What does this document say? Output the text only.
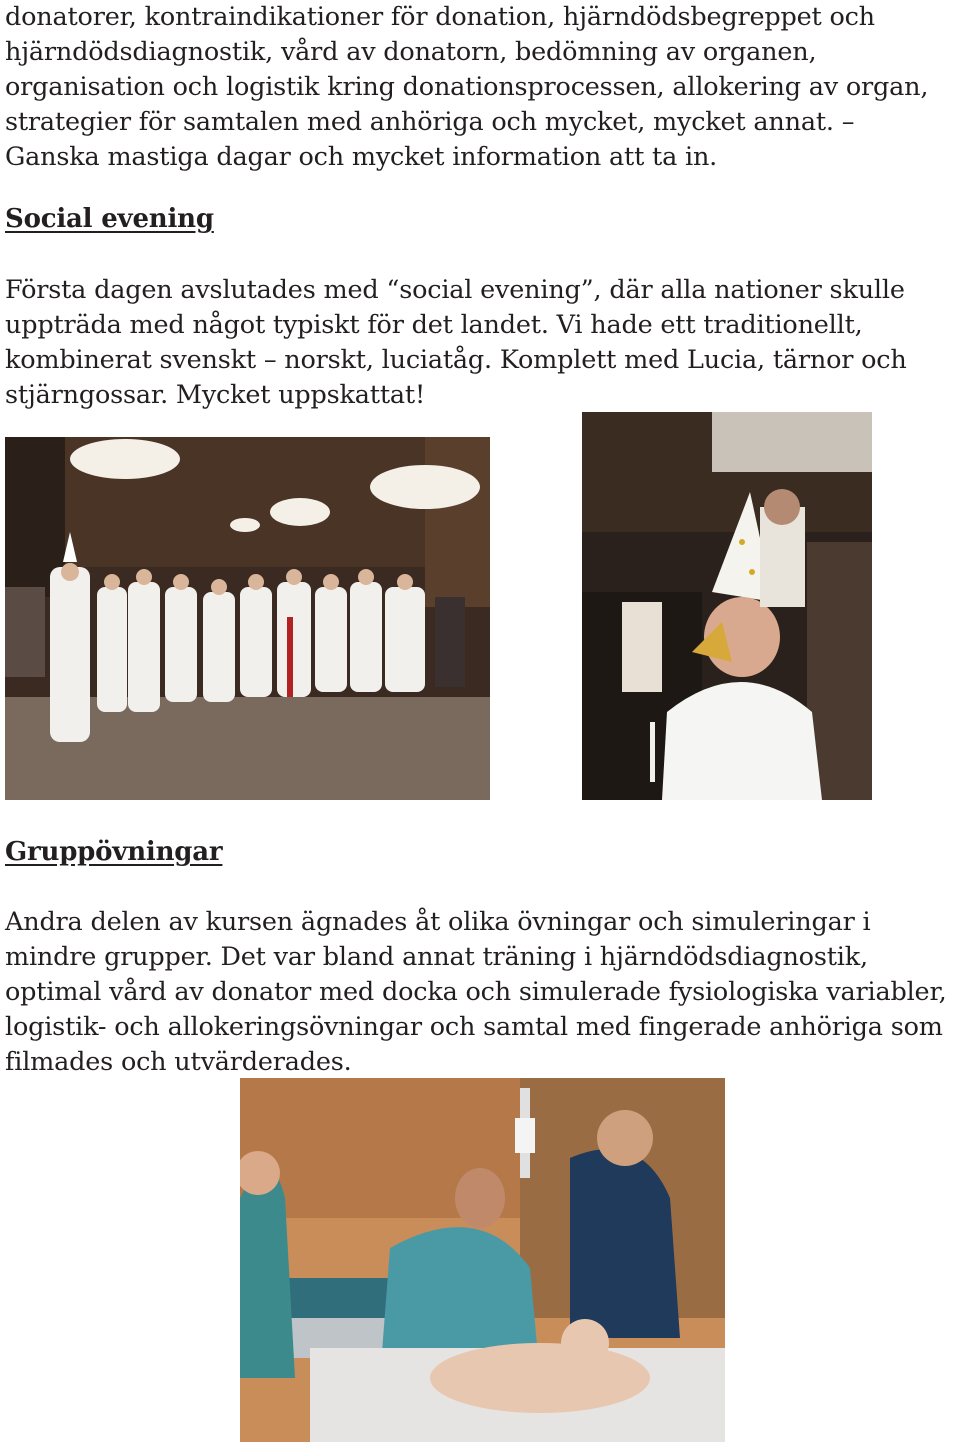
donatorer, kontraindikationer för donation, hjärndödsbegreppet och hjärndödsdiagnostik, vård av donatorn, bedömning av organen, organisation och logistik kring donationsprocessen, allokering av organ, strategier för samtalen med anhöriga och mycket, mycket annat. – Ganska mastiga dagar och mycket information att ta in.

Social evening

Första dagen avslutades med “social evening”, där alla nationer skulle uppträda med något typiskt för det landet. Vi hade ett traditionellt, kombinerat svenskt – norskt, luciatåg. Komplett med Lucia, tärnor och stjärngossar. Mycket uppskattat!

Gruppövningar

Andra delen av kursen ägnades åt olika övningar och simuleringar i mindre grupper. Det var bland annat träning i hjärndödsdiagnostik, optimal vård av donator med docka och simulerade fysiologiska variabler, logistik- och allokeringsövningar och samtal med fingerade anhöriga som filmades och utvärderades.
